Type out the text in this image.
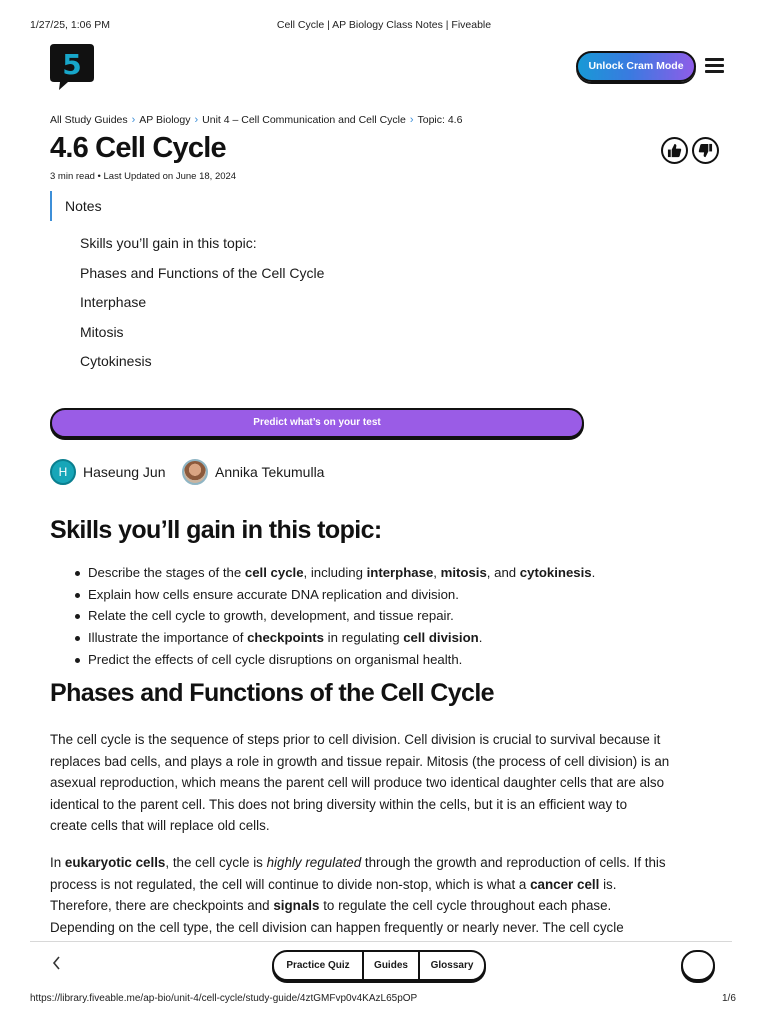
1/27/25, 1:06 PM	Cell Cycle | AP Biology Class Notes | Fiveable
5	Unlock Cram Mode
All Study Guides › AP Biology › Unit 4 – Cell Communication and Cell Cycle › Topic: 4.6
4.6 Cell Cycle
3 min read • Last Updated on June 18, 2024
Notes
Skills you’ll gain in this topic:
Phases and Functions of the Cell Cycle
Interphase
Mitosis
Cytokinesis
Predict what’s on your test
H	Haseung Jun	Annika Tekumulla
Skills you’ll gain in this topic:
Describe the stages of the cell cycle, including interphase, mitosis, and cytokinesis.
Explain how cells ensure accurate DNA replication and division.
Relate the cell cycle to growth, development, and tissue repair.
Illustrate the importance of checkpoints in regulating cell division.
Predict the effects of cell cycle disruptions on organismal health.
Phases and Functions of the Cell Cycle
The cell cycle is the sequence of steps prior to cell division. Cell division is crucial to survival because it
replaces bad cells, and plays a role in growth and tissue repair. Mitosis (the process of cell division) is an
asexual reproduction, which means the parent cell will produce two identical daughter cells that are also
identical to the parent cell. This does not bring diversity within the cells, but it is an efficient way to
create cells that will replace old cells.
In eukaryotic cells, the cell cycle is highly regulated through the growth and reproduction of cells. If this
process is not regulated, the cell will continue to divide non-stop, which is what a cancer cell is.
Therefore, there are checkpoints and signals to regulate the cell cycle throughout each phase.
Depending on the cell type, the cell division can happen frequently or nearly never. The cell cycle
Practice Quiz	Guides	Glossary
https://library.fiveable.me/ap-bio/unit-4/cell-cycle/study-guide/4ztGMFvp0v4KAzL65pOP	1/6
